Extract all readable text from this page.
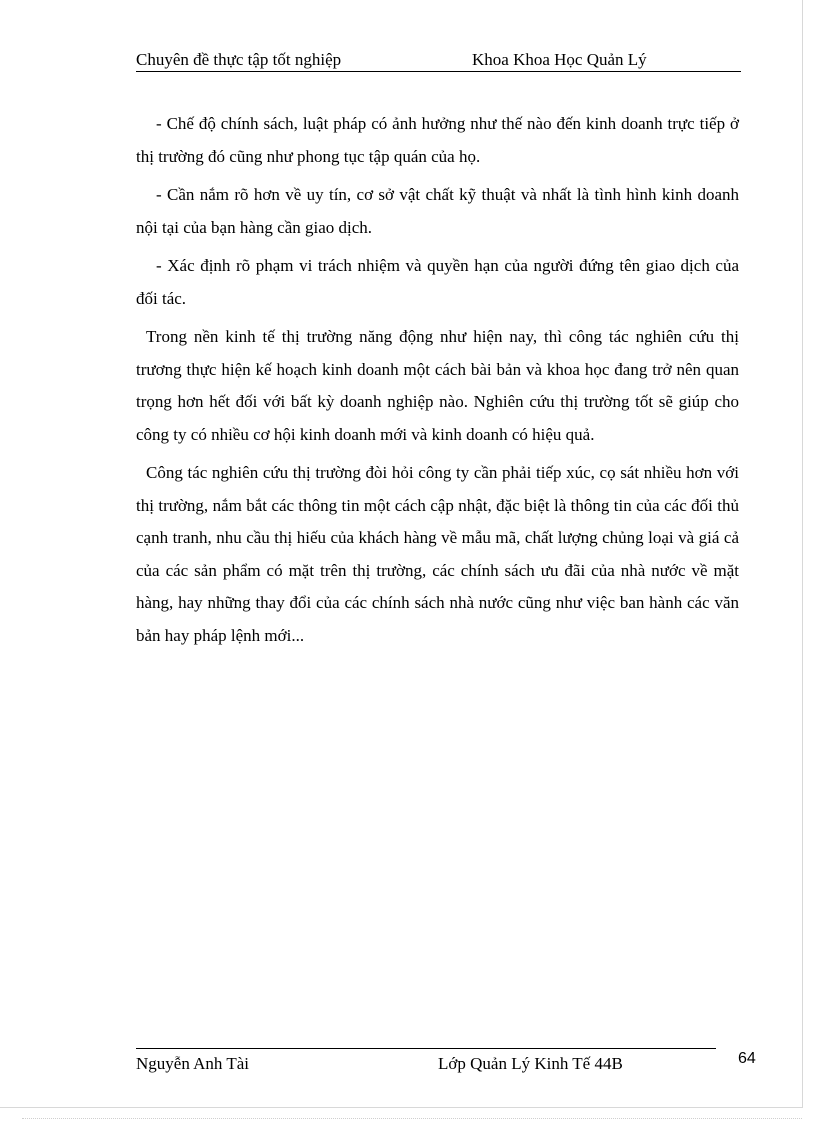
Chuyên đề thực tập tốt nghiệp	Khoa Khoa Học Quản Lý

- Chế độ chính sách, luật pháp có ảnh hưởng như thế nào đến kinh doanh trực tiếp ở thị trường đó cũng như phong tục tập quán của họ.

- Cần nắm rõ hơn về uy tín, cơ sở vật chất kỹ thuật và nhất là tình hình kinh doanh nội tại của bạn hàng cần giao dịch.

- Xác định rõ phạm vi trách nhiệm và quyền hạn của người đứng tên giao dịch của đối tác.

Trong nền kinh tế thị trường năng động như hiện nay, thì công tác nghiên cứu thị trương thực hiện kế hoạch kinh doanh một cách bài bản và khoa học đang trở nên quan trọng hơn hết đối với bất kỳ doanh nghiệp nào. Nghiên cứu thị trường tốt sẽ giúp cho công ty có nhiều cơ hội kinh doanh mới và kinh doanh có hiệu quả.

Công tác nghiên cứu thị trường đòi hỏi công ty cần phải tiếp xúc, cọ sát nhiều hơn với thị trường, nắm bắt các thông tin một cách cập nhật, đặc biệt là thông tin của các đối thủ cạnh tranh, nhu cầu thị hiếu của khách hàng về mẫu mã, chất lượng chủng loại và giá cả của các sản phẩm có mặt trên thị trường, các chính sách ưu đãi của nhà nước về mặt hàng, hay những thay đổi của các chính sách nhà nước cũng như việc ban hành các văn bản hay pháp lệnh mới...

Nguyễn Anh Tài	Lớp Quản Lý Kinh Tế 44B	64
